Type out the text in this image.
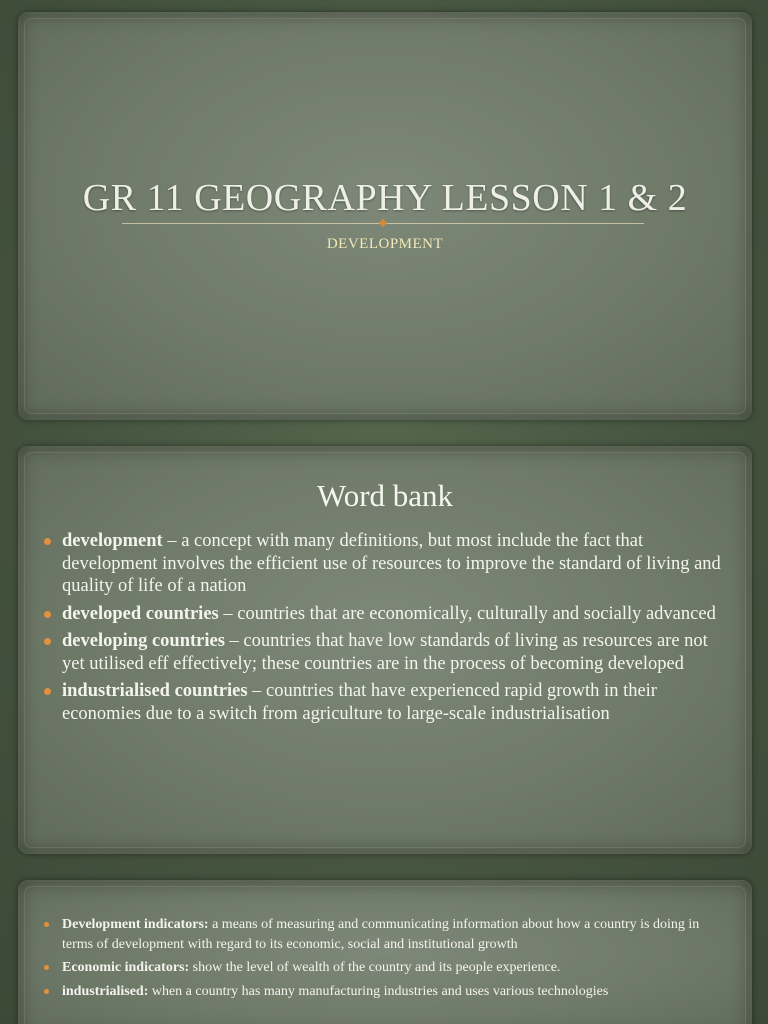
GR 11 GEOGRAPHY LESSON 1 & 2
DEVELOPMENT
Word bank
development – a concept with many definitions, but most include the fact that development involves the efficient use of resources to improve the standard of living and quality of life of a nation
developed countries – countries that are economically, culturally and socially advanced
developing countries – countries that have low standards of living as resources are not yet utilised eff effectively; these countries are in the process of becoming developed
industrialised countries – countries that have experienced rapid growth in their economies due to a switch from agriculture to large-scale industrialisation
Development indicators: a means of measuring and communicating information about how a country is doing in terms of development with regard to its economic, social and institutional growth
Economic indicators: show the level of wealth of the country and its people experience.
industrialised: when a country has many manufacturing industries and uses various technologies
